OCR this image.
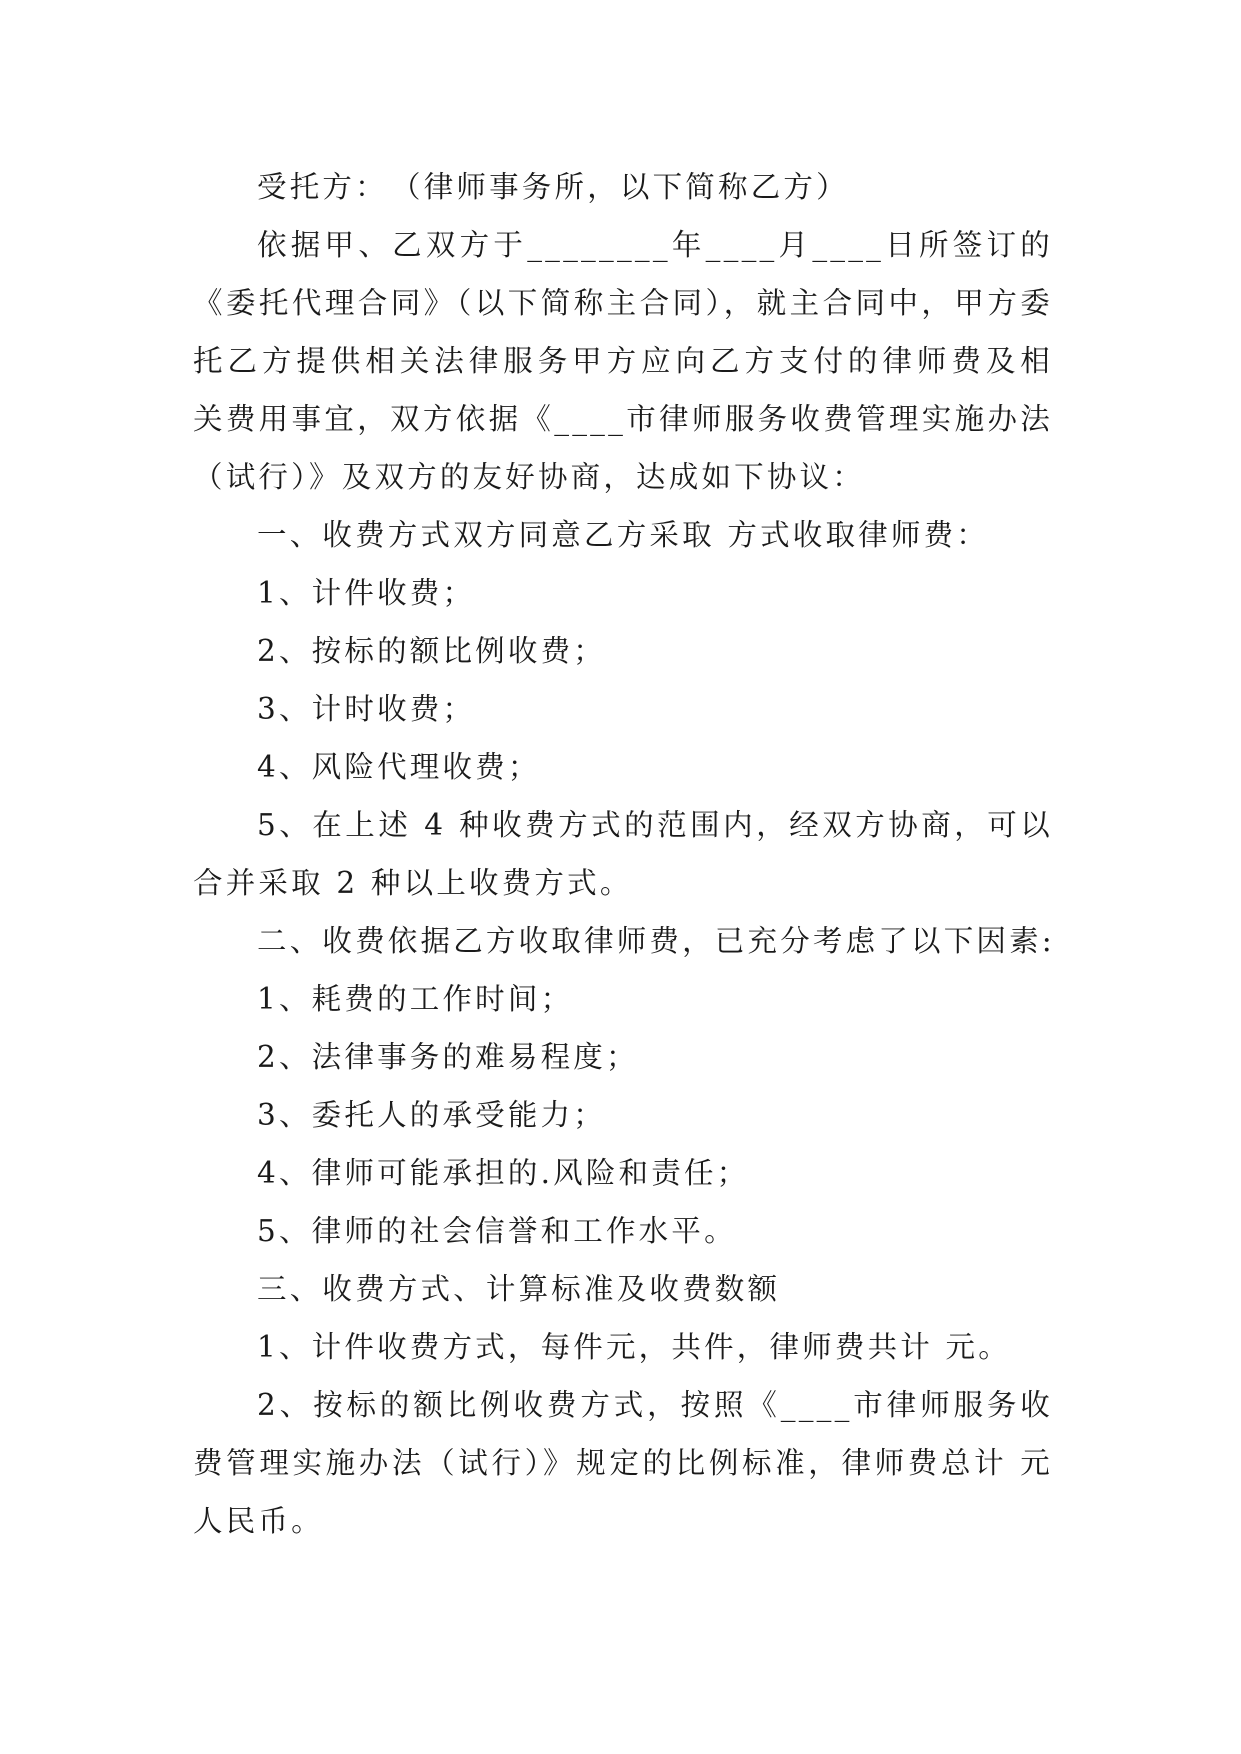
受托方：　（律师事务所，以下简称乙方）

依据甲、乙双方于________年____月____日所签订的

《委托代理合同》（以下简称主合同），就主合同中，甲方委

托乙方提供相关法律服务甲方应向乙方支付的律师费及相

关费用事宜，双方依据《____市律师服务收费管理实施办法

（试行）》及双方的友好协商，达成如下协议：

一、收费方式双方同意乙方采取 方式收取律师费：

1、计件收费；

2、按标的额比例收费；

3、计时收费；

4、风险代理收费；

5、在上述 4 种收费方式的范围内，经双方协商，可以

合并采取 2 种以上收费方式。

二、收费依据乙方收取律师费，已充分考虑了以下因素:

1、耗费的工作时间；

2、法律事务的难易程度；

3、委托人的承受能力；

4、律师可能承担的.风险和责任；

5、律师的社会信誉和工作水平。

三、收费方式、计算标准及收费数额

1、计件收费方式，每件元，共件，律师费共计 元。

2、按标的额比例收费方式，按照《____市律师服务收

费管理实施办法（试行）》规定的比例标准，律师费总计 元

人民币。
